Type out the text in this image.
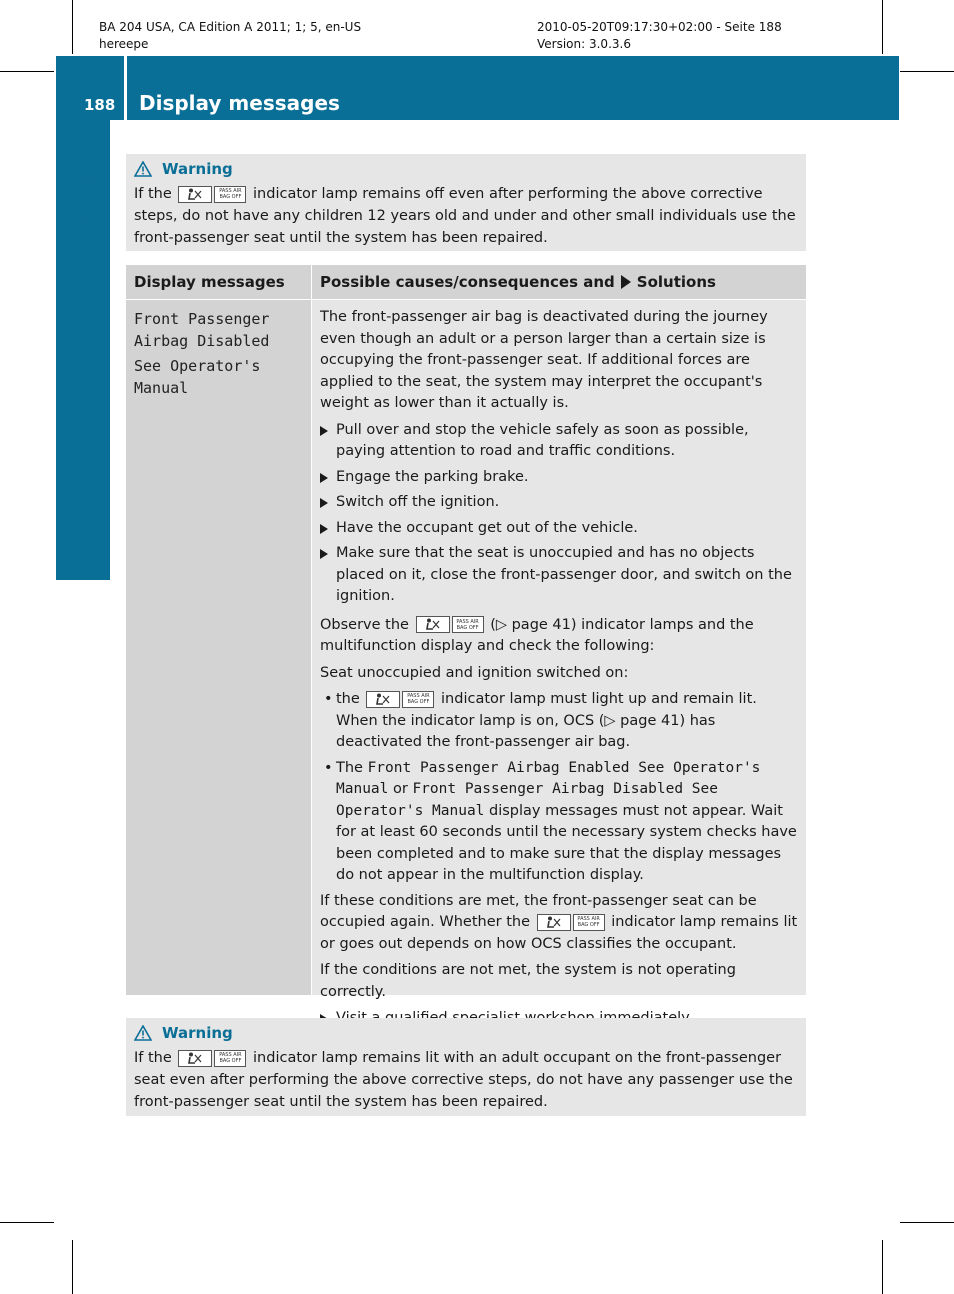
BA 204 USA, CA Edition A 2011; 1; 5, en-US
hereepe
2010-05-20T09:17:30+02:00 - Seite 188
Version: 3.0.3.6
188 Display messages
On-board computer and displays	Warning
If the	PASS AIR BAG OFF indicator lamp remains off even after performing the above corrective steps, do not have any children 12 years old and under and other small individuals use the front-passenger seat until the system has been repaired.
Display messages	Possible causes/consequences and Solutions
Front Passenger
Airbag Disabled
See Operator's
Manual
The front-passenger air bag is deactivated during the journey even though an adult or a person larger than a certain size is occupying the front-passenger seat. If additional forces are applied to the seat, the system may interpret the occupant's weight as lower than it actually is.
Pull over and stop the vehicle safely as soon as possible, paying attention to road and traffic conditions.
Engage the parking brake.
Switch off the ignition.
Have the occupant get out of the vehicle.
Make sure that the seat is unoccupied and has no objects placed on it, close the front-passenger door, and switch on the ignition.
Observe the	PASS AIR BAG OFF (▷ page 41) indicator lamps and the multifunction display and check the following:
Seat unoccupied and ignition switched on:
• the	PASS AIR BAG OFF indicator lamp must light up and remain lit. When the indicator lamp is on, OCS (▷ page 41) has deactivated the front-passenger air bag.
• The Front Passenger Airbag Enabled See Operator's Manual or Front Passenger Airbag Disabled See Operator's Manual display messages must not appear. Wait for at least 60 seconds until the necessary system checks have been completed and to make sure that the display messages do not appear in the multifunction display.
If these conditions are met, the front-passenger seat can be occupied again. Whether the	PASS AIR BAG OFF indicator lamp remains lit or goes out depends on how OCS classifies the occupant.
If the conditions are not met, the system is not operating correctly.
Warning
If the	PASS AIR BAG OFF indicator lamp remains lit with an adult occupant on the front-passenger seat even after performing the above corrective steps, do not have any passenger use the front-passenger seat until the system has been repaired.
